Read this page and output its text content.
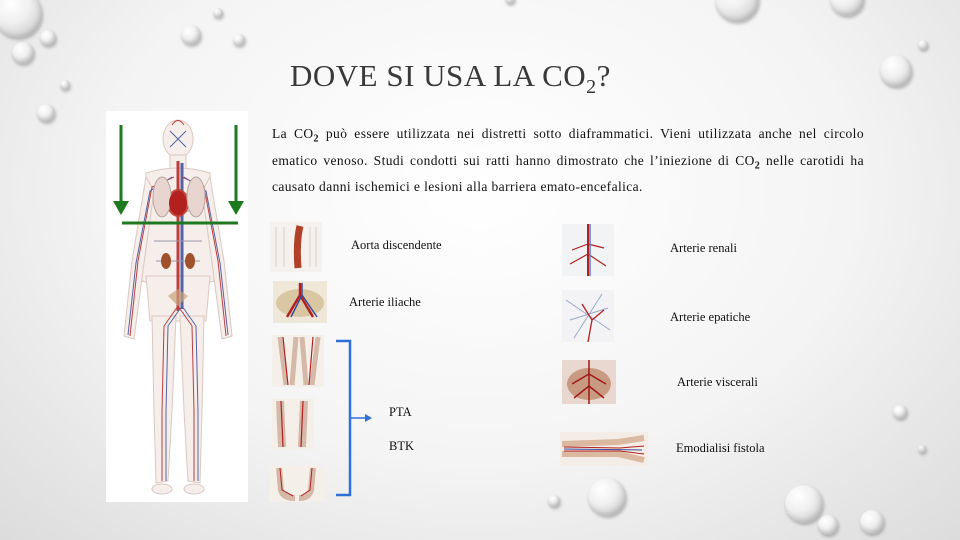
DOVE SI USA LA $CO_2$?
La $CO_2$ può essere utilizzata nei distretti sotto diaframmatici. Vieni utilizzata anche nel circolo ematico venoso. Studi condotti sui ratti hanno dimostrato che l’iniezione di $CO_2$ nelle carotidi ha causato danni ischemici e lesioni alla barriera emato-encefalica.
Aorta discendente
Arterie iliache
Arterie renali
Arterie epatiche
Arterie viscerali
PTA
BTK	Emodialisi fistola
